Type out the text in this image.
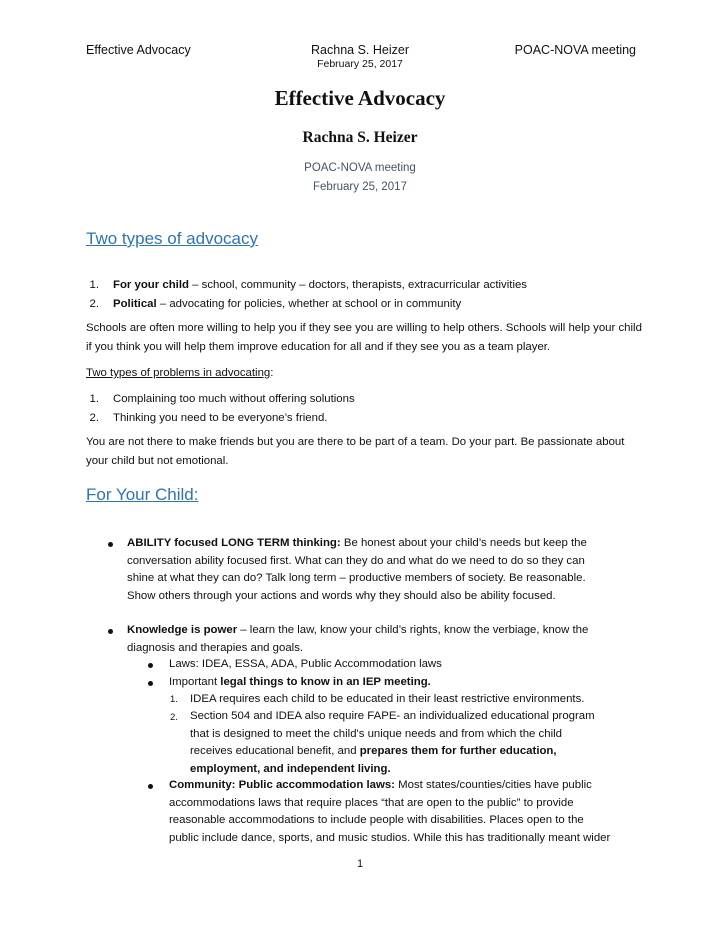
Effective Advocacy	Rachna S. Heizer	POAC-NOVA meeting
February 25, 2017
Effective Advocacy
Rachna S. Heizer
POAC-NOVA meeting
February 25, 2017
Two types of advocacy
1.	For your child – school, community – doctors, therapists, extracurricular activities
2.	Political – advocating for policies, whether at school or in community
Schools are often more willing to help you if they see you are willing to help others. Schools will help your child if you think you will help them improve education for all and if they see you as a team player.
Two types of problems in advocating:
1.	Complaining too much without offering solutions
2.	Thinking you need to be everyone’s friend.
You are not there to make friends but you are there to be part of a team. Do your part. Be passionate about your child but not emotional.
For Your Child:
ABILITY focused LONG TERM thinking: Be honest about your child’s needs but keep the
conversation ability focused first. What can they do and what do we need to do so they can
shine at what they can do? Talk long term – productive members of society. Be reasonable.
Show others through your actions and words why they should also be ability focused.
Knowledge is power – learn the law, know your child’s rights, know the verbiage, know the
diagnosis and therapies and goals.
Laws: IDEA, ESSA, ADA, Public Accommodation laws
Important legal things to know in an IEP meeting.
1. IDEA requires each child to be educated in their least restrictive environments.
2. Section 504 and IDEA also require FAPE- an individualized educational program
that is designed to meet the child's unique needs and from which the child
receives educational benefit, and prepares them for further education,
employment, and independent living.
Community: Public accommodation laws: Most states/counties/cities have public
accommodations laws that require places “that are open to the public” to provide
reasonable accommodations to include people with disabilities. Places open to the
public include dance, sports, and music studios. While this has traditionally meant wider
1
